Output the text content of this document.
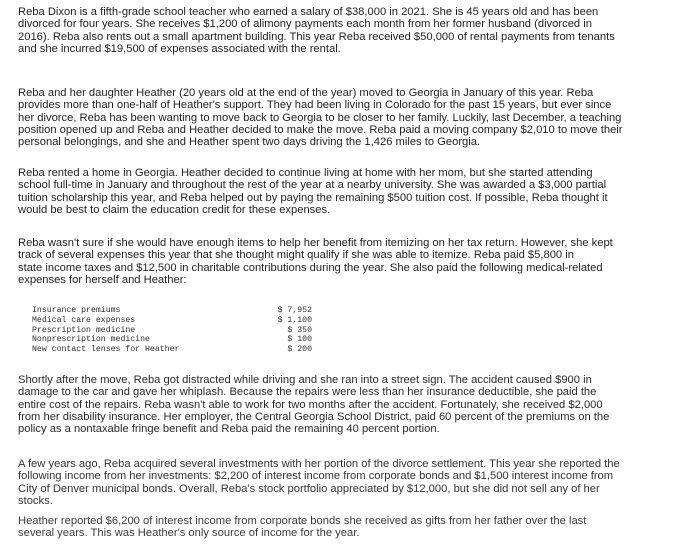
Reba Dixon is a fifth-grade school teacher who earned a salary of $38,000 in 2021. She is 45 years old and has been
divorced for four years. She receives $1,200 of alimony payments each month from her former husband (divorced in
2016). Reba also rents out a small apartment building. This year Reba received $50,000 of rental payments from tenants
and she incurred $19,500 of expenses associated with the rental.

Reba and her daughter Heather (20 years old at the end of the year) moved to Georgia in January of this year. Reba
provides more than one-half of Heather's support. They had been living in Colorado for the past 15 years, but ever since
her divorce, Reba has been wanting to move back to Georgia to be closer to her family. Luckily, last December, a teaching
position opened up and Reba and Heather decided to make the move. Reba paid a moving company $2,010 to move their
personal belongings, and she and Heather spent two days driving the 1,426 miles to Georgia.

Reba rented a home in Georgia. Heather decided to continue living at home with her mom, but she started attending
school full-time in January and throughout the rest of the year at a nearby university. She was awarded a $3,000 partial
tuition scholarship this year, and Reba helped out by paying the remaining $500 tuition cost. If possible, Reba thought it
would be best to claim the education credit for these expenses.

Reba wasn't sure if she would have enough items to help her benefit from itemizing on her tax return. However, she kept
track of several expenses this year that she thought might qualify if she was able to itemize. Reba paid $5,800 in
state income taxes and $12,500 in charitable contributions during the year. She also paid the following medical-related
expenses for herself and Heather:

Insurance premiums	$ 7,952
Medical care expenses	$ 1,100
Prescription medicine	$ 350
Nonprescription medicine	$ 100
New contact lenses for Heather	$ 200

Shortly after the move, Reba got distracted while driving and she ran into a street sign. The accident caused $900 in
damage to the car and gave her whiplash. Because the repairs were less than her insurance deductible, she paid the
entire cost of the repairs. Reba wasn't able to work for two months after the accident. Fortunately, she received $2,000
from her disability insurance. Her employer, the Central Georgia School District, paid 60 percent of the premiums on the
policy as a nontaxable fringe benefit and Reba paid the remaining 40 percent portion.

A few years ago, Reba acquired several investments with her portion of the divorce settlement. This year she reported the
following income from her investments: $2,200 of interest income from corporate bonds and $1,500 interest income from
City of Denver municipal bonds. Overall, Reba's stock portfolio appreciated by $12,000, but she did not sell any of her
stocks.

Heather reported $6,200 of interest income from corporate bonds she received as gifts from her father over the last
several years. This was Heather's only source of income for the year.
